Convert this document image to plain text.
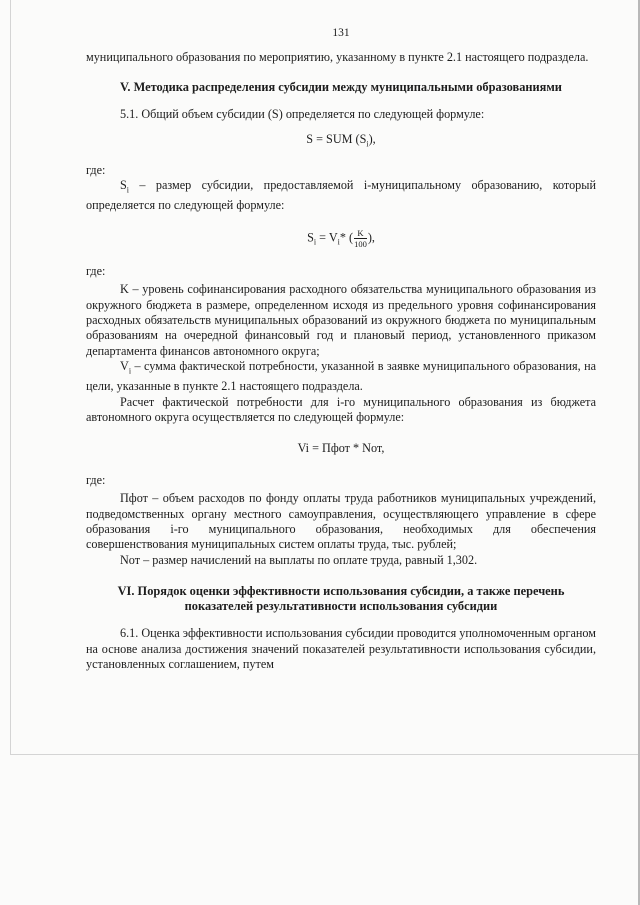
131

муниципального образования по мероприятию, указанному в пункте 2.1 настоящего подраздела.

V. Методика распределения субсидии между муниципальными образованиями

5.1. Общий объем субсидии (S) определяется по следующей формуле:

S = SUM $(S_i)$,

где:

$S_i$ – размер субсидии, предоставляемой i-муниципальному образованию, который определяется по следующей формуле:

$S_i = V_i*$ ( $\frac{K}{100}$ ),

где:

K – уровень софинансирования расходного обязательства муниципального образования из окружного бюджета в размере, определенном исходя из предельного уровня софинансирования расходных обязательств муниципальных образований из окружного бюджета по муниципальным образованиям на очередной финансовый год и плановый период, установленного приказом департамента финансов автономного округа;

$V_i$ – сумма фактической потребности, указанной в заявке муниципального образования, на цели, указанные в пункте 2.1 настоящего подраздела.

Расчет фактической потребности для i-го муниципального образования из бюджета автономного округа осуществляется по следующей формуле:

Vi = Пфот * Nот,

где:

Пфот – объем расходов по фонду оплаты труда работников муниципальных учреждений, подведомственных органу местного самоуправления, осуществляющего управление в сфере образования i-го муниципального образования, необходимых для обеспечения совершенствования муниципальных систем оплаты труда, тыс. рублей;

Nот – размер начислений на выплаты по оплате труда, равный 1,302.

VI. Порядок оценки эффективности использования субсидии, а также перечень показателей результативности использования субсидии

6.1. Оценка эффективности использования субсидии проводится уполномоченным органом на основе анализа достижения значений показателей результативности использования субсидии, установленных соглашением, путем
